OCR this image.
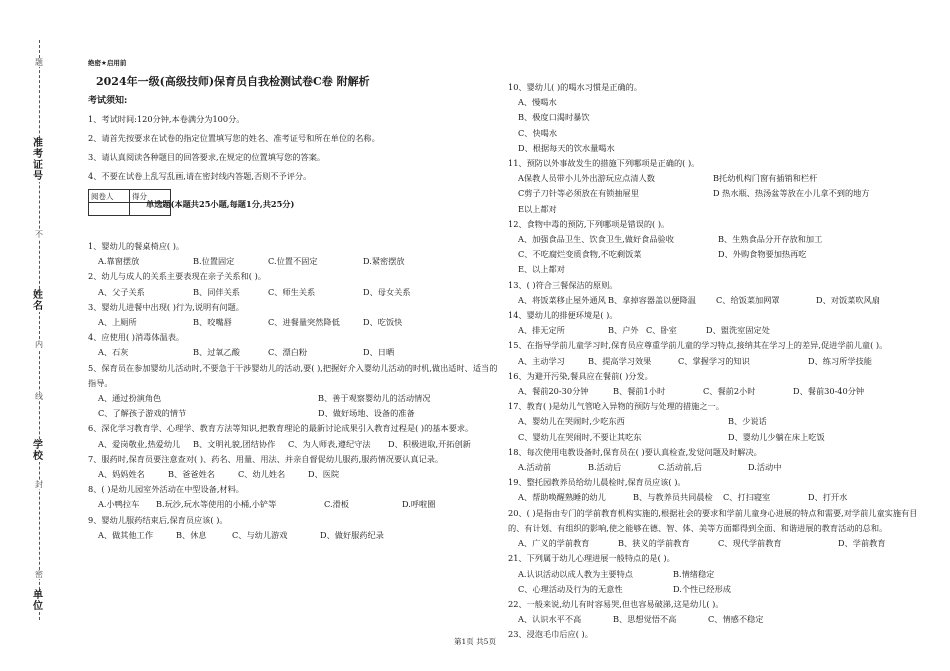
题
准考证号
不
姓名
内
线
学校
封
密
单位
绝密★启用前
2024年一级(高级技师)保育员自我检测试卷C卷 附解析
考试须知:

1、考试时间:120分钟,本卷满分为100分。

2、请首先按要求在试卷的指定位置填写您的姓名、准考证号和所在单位的名称。

3、请认真阅读各种题目的回答要求,在规定的位置填写您的答案。

4、不要在试卷上乱写乱画,请在密封线内答题,否则不予评分。

阅卷人	得分

单选题(本题共25小题,每题1分,共25分)
1、婴幼儿的餐桌椅应( )。
A.靠窗摆放	B.位置固定	C.位置不固定	D.紧密摆放
2、幼儿与成人的关系主要表现在亲子关系和( )。
A、父子关系	B、同伴关系	C、师生关系	D、母女关系
3、婴幼儿进餐中出现( )行为,说明有问题。
A、上厕所	B、咬嘴唇	C、进餐量突然降低	D、吃饭快
4、应使用( )消毒体温表。
A、石灰	B、过氧乙酸	C、漂白粉	D、日晒
5、保育员在参加婴幼儿活动时,不要急于干涉婴幼儿的活动,要( ),把握好介入婴幼儿活动的时机,做出适时、适当的指导。
A、通过扮演角色	B、善于观察婴幼儿的活动情况
C、了解孩子游戏的情节	D、做好场地、设备的准备
6、深化学习教育学、心理学、教育方法等知识,把教育理论的最新讨论成果引入教育过程是( )的基本要求。
A、爱岗敬业,热爱幼儿 B、文明礼貌,团结协作 C、为人师表,遵纪守法 D、积极进取,开拓创新
7、服药时,保育员要注意查对( )、药名、用量、用法、并亲自督促幼儿服药,服药情况要认真记录。
A、妈妈姓名	B、爸爸姓名	C、幼儿姓名	D、医院
8、( )是幼儿园室外活动在中型设备,材料。
A.小鸭拉车 B.玩沙,玩水等使用的小桶,小铲等	C.滑板	D.呼啦圈
9、婴幼儿服药结束后,保育员应该( )。
A、做其他工作	B、休息	C、与幼儿游戏	D、做好服药纪录
10、婴幼儿( )的喝水习惯是正确的。
A、慢喝水
B、极度口渴时暴饮
C、快喝水
D、根据每天的饮水量喝水
11、预防以外事故发生的措施下列哪项是正确的( )。
A保教人员带小儿外出游玩应点清人数	B托幼机构门窗有插销和栏杆
C剪子刀针等必须放在有锁抽屉里	D 热水瓶、热汤盆等放在小儿拿不到的地方
E以上都对
12、食物中毒的预防,下列哪项是错误的( )。
A、加强食品卫生、饮食卫生,做好食品验收	B、生熟食品分开存放和加工
C、不吃腐烂变质食物,不吃剩饭菜	D、外购食物要加热再吃
E、以上都对
13、( )符合三餐保洁的原则。
A、将饭菜移止屋外通风 B、拿掉容器盖以便降温 C、给饭菜加网罩	D、对饭菜吹风扇
14、婴幼儿的排便环境是( )。
A、排无定所	B、户外 C、卧室	D、盥洗室固定处
15、在指导学前儿童学习时,保育员应尊重学前儿童的学习特点,接纳其在学习上的差异,促进学前儿童( )。
A、主动学习	B、提高学习效果	C、掌握学习的知识	D、练习所学技能
16、为避开污染,餐具应在餐前( )分发。
A、餐前20-30分钟	B、餐前1小时	C、餐前2小时	D、餐前30-40分钟
17、教育( )是幼儿气管呛入异物的预防与处理的措施之一。
A、婴幼儿在哭闹时,少吃东西	B、少说话
C、婴幼儿在哭闹时,不要让其吃东	D、婴幼儿少躺在床上吃饭
18、每次使用电教设备时,保育员在( )要认真检查,发觉问题及时解决。
A.活动前	B.活动后	C.活动前,后	D.活动中
19、整托园教养员给幼儿晨检时,保育员应该( )。
A、帮助唤醒熟睡的幼儿	B、与教养员共同晨检 C、打扫寝室	D、打开水
20、( )是指由专门的学前教育机构实施的,根据社会的要求和学前儿童身心进展的特点和需要,对学前儿童实施有目的、有计划、有组织的影响,使之能够在德、智、体、美等方面都得到全面、和谐进展的教育活动的总和。
A、广义的学前教育	B、狭义的学前教育	C、现代学前教育	D、学前教育
21、下列属于幼儿心理进展一般特点的是( )。
A.认识活动以成人教为主要特点	B.情绪稳定
C、心理活动及行为的无意性	D.个性已经形成
22、一般来说,幼儿有时容易哭,但也容易破涕,这是幼儿( )。
A、认识水平不高	B、思想觉悟不高	C、情感不稳定
23、浸泡毛巾后应( )。
第1页 共5页
